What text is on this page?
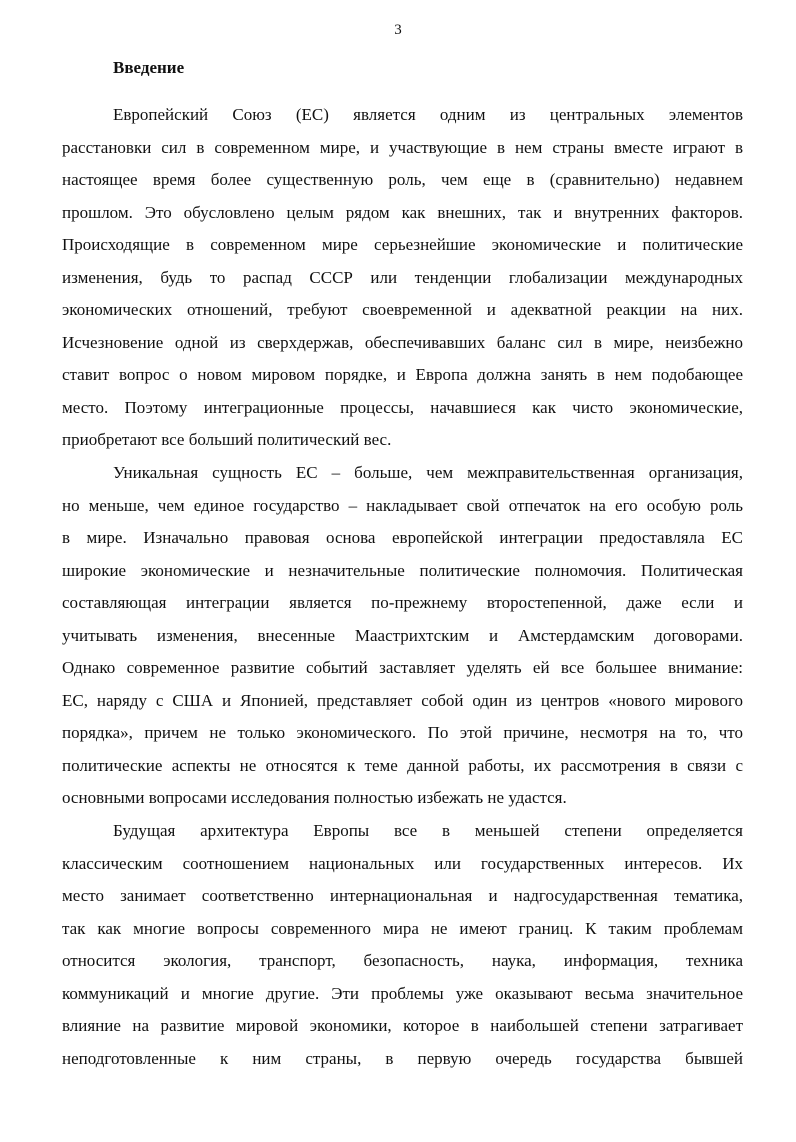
3
Введение
Европейский Союз (ЕС) является одним из центральных элементов
расстановки сил в современном мире, и участвующие в нем страны вместе играют в
настоящее время более существенную роль, чем еще в (сравнительно) недавнем
прошлом. Это обусловлено целым рядом как внешних, так и внутренних факторов.
Происходящие в современном мире серьезнейшие экономические и политические
изменения, будь то распад СССР или тенденции глобализации международных
экономических отношений, требуют своевременной и адекватной реакции на них.
Исчезновение одной из сверхдержав, обеспечивавших баланс сил в мире, неизбежно
ставит вопрос о новом мировом порядке, и Европа должна занять в нем подобающее
место. Поэтому интеграционные процессы, начавшиеся как чисто экономические,
приобретают все больший политический вес.
Уникальная сущность ЕС – больше, чем межправительственная организация,
но меньше, чем единое государство – накладывает свой отпечаток на его особую роль
в мире. Изначально правовая основа европейской интеграции предоставляла ЕС
широкие экономические и незначительные политические полномочия. Политическая
составляющая интеграции является по-прежнему второстепенной, даже если и
учитывать изменения, внесенные Маастрихтским и Амстердамским договорами.
Однако современное развитие событий заставляет уделять ей все большее внимание:
ЕС, наряду с США и Японией, представляет собой один из центров «нового мирового
порядка», причем не только экономического. По этой причине, несмотря на то, что
политические аспекты не относятся к теме данной работы, их рассмотрения в связи с
основными вопросами исследования полностью избежать не удастся.
Будущая архитектура Европы все в меньшей степени определяется
классическим соотношением национальных или государственных интересов. Их
место занимает соответственно интернациональная и надгосударственная тематика,
так как многие вопросы современного мира не имеют границ. К таким проблемам
относится экология, транспорт, безопасность, наука, информация, техника
коммуникаций и многие другие. Эти проблемы уже оказывают весьма значительное
влияние на развитие мировой экономики, которое в наибольшей степени затрагивает
неподготовленные к ним страны, в первую очередь государства бывшей
